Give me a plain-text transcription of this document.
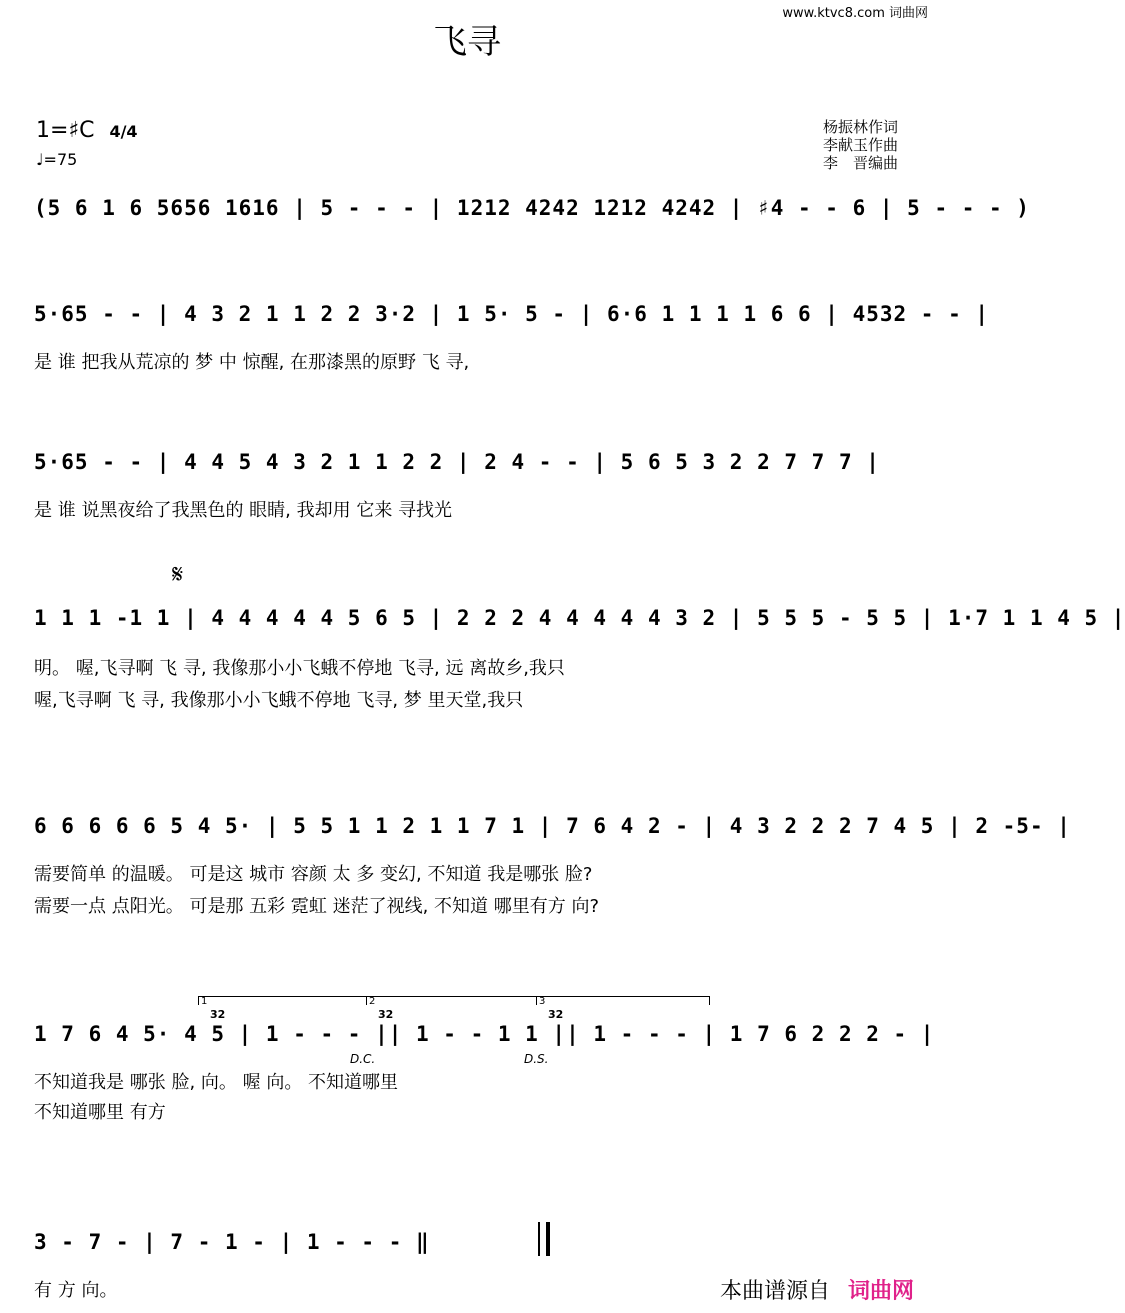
飞寻
www.ktvc8.com 词曲网
1=♯C 4/4
♩=75
杨振林作词
李献玉作曲
李　晋编曲
(5 6 1 6 5656 1616 | 5 - - - | 1212 4242 1212 4242 | ♯4 - - 6 | 5 - - - )
5·65 - - | 4 3 2 1 1 2 2 3·2 | 1 5· 5 - | 6·6 1 1 1 1 6 6 | 4532 - - |
是 谁 把我从荒凉的 梦 中 惊醒, 在那漆黑的原野 飞 寻,
5·65 - - | 4 4 5 4 3 2 1 1 2 2 | 2 4 - - | 5 6 5 3 2 2 7 7 7 |
是 谁 说黑夜给了我黑色的 眼睛, 我却用 它来 寻找光
𝄋
1 1 1 -1 1 | 4 4 4 4 4 5 6 5 | 2 2 2 4 4 4 4 4 3 2 | 5 5 5 - 5 5 | 1·7 1 1 4 5 |
明。 喔,飞寻啊 飞 寻, 我像那小小飞蛾不停地 飞寻, 远 离故乡,我只
喔,飞寻啊 飞 寻, 我像那小小飞蛾不停地 飞寻, 梦 里天堂,我只
6 6 6 6 6 5 4 5· | 5 5 1 1 2 1 1 7 1 | 7 6 4 2 - | 4 3 2 2 2 7 4 5 | 2 -5- |
需要简单 的温暖。 可是这 城市 容颜 太 多 变幻, 不知道 我是哪张 脸?
需要一点 点阳光。 可是那 五彩 霓虹 迷茫了视线, 不知道 哪里有方 向?
1	2	3
32	32	32
1 7 6 4 5· 4 5 | 1 - - - || 1 - - 1 1 || 1 - - - | 1 7 6 2 2 2 - |
不知道我是 哪张 脸, 向。 喔 向。 不知道哪里
不知道哪里 有方
D.C.	D.S.
3 - 7 - | 7 - 1 - | 1 - - - ‖
有 方 向。	本曲谱源自 词曲网
